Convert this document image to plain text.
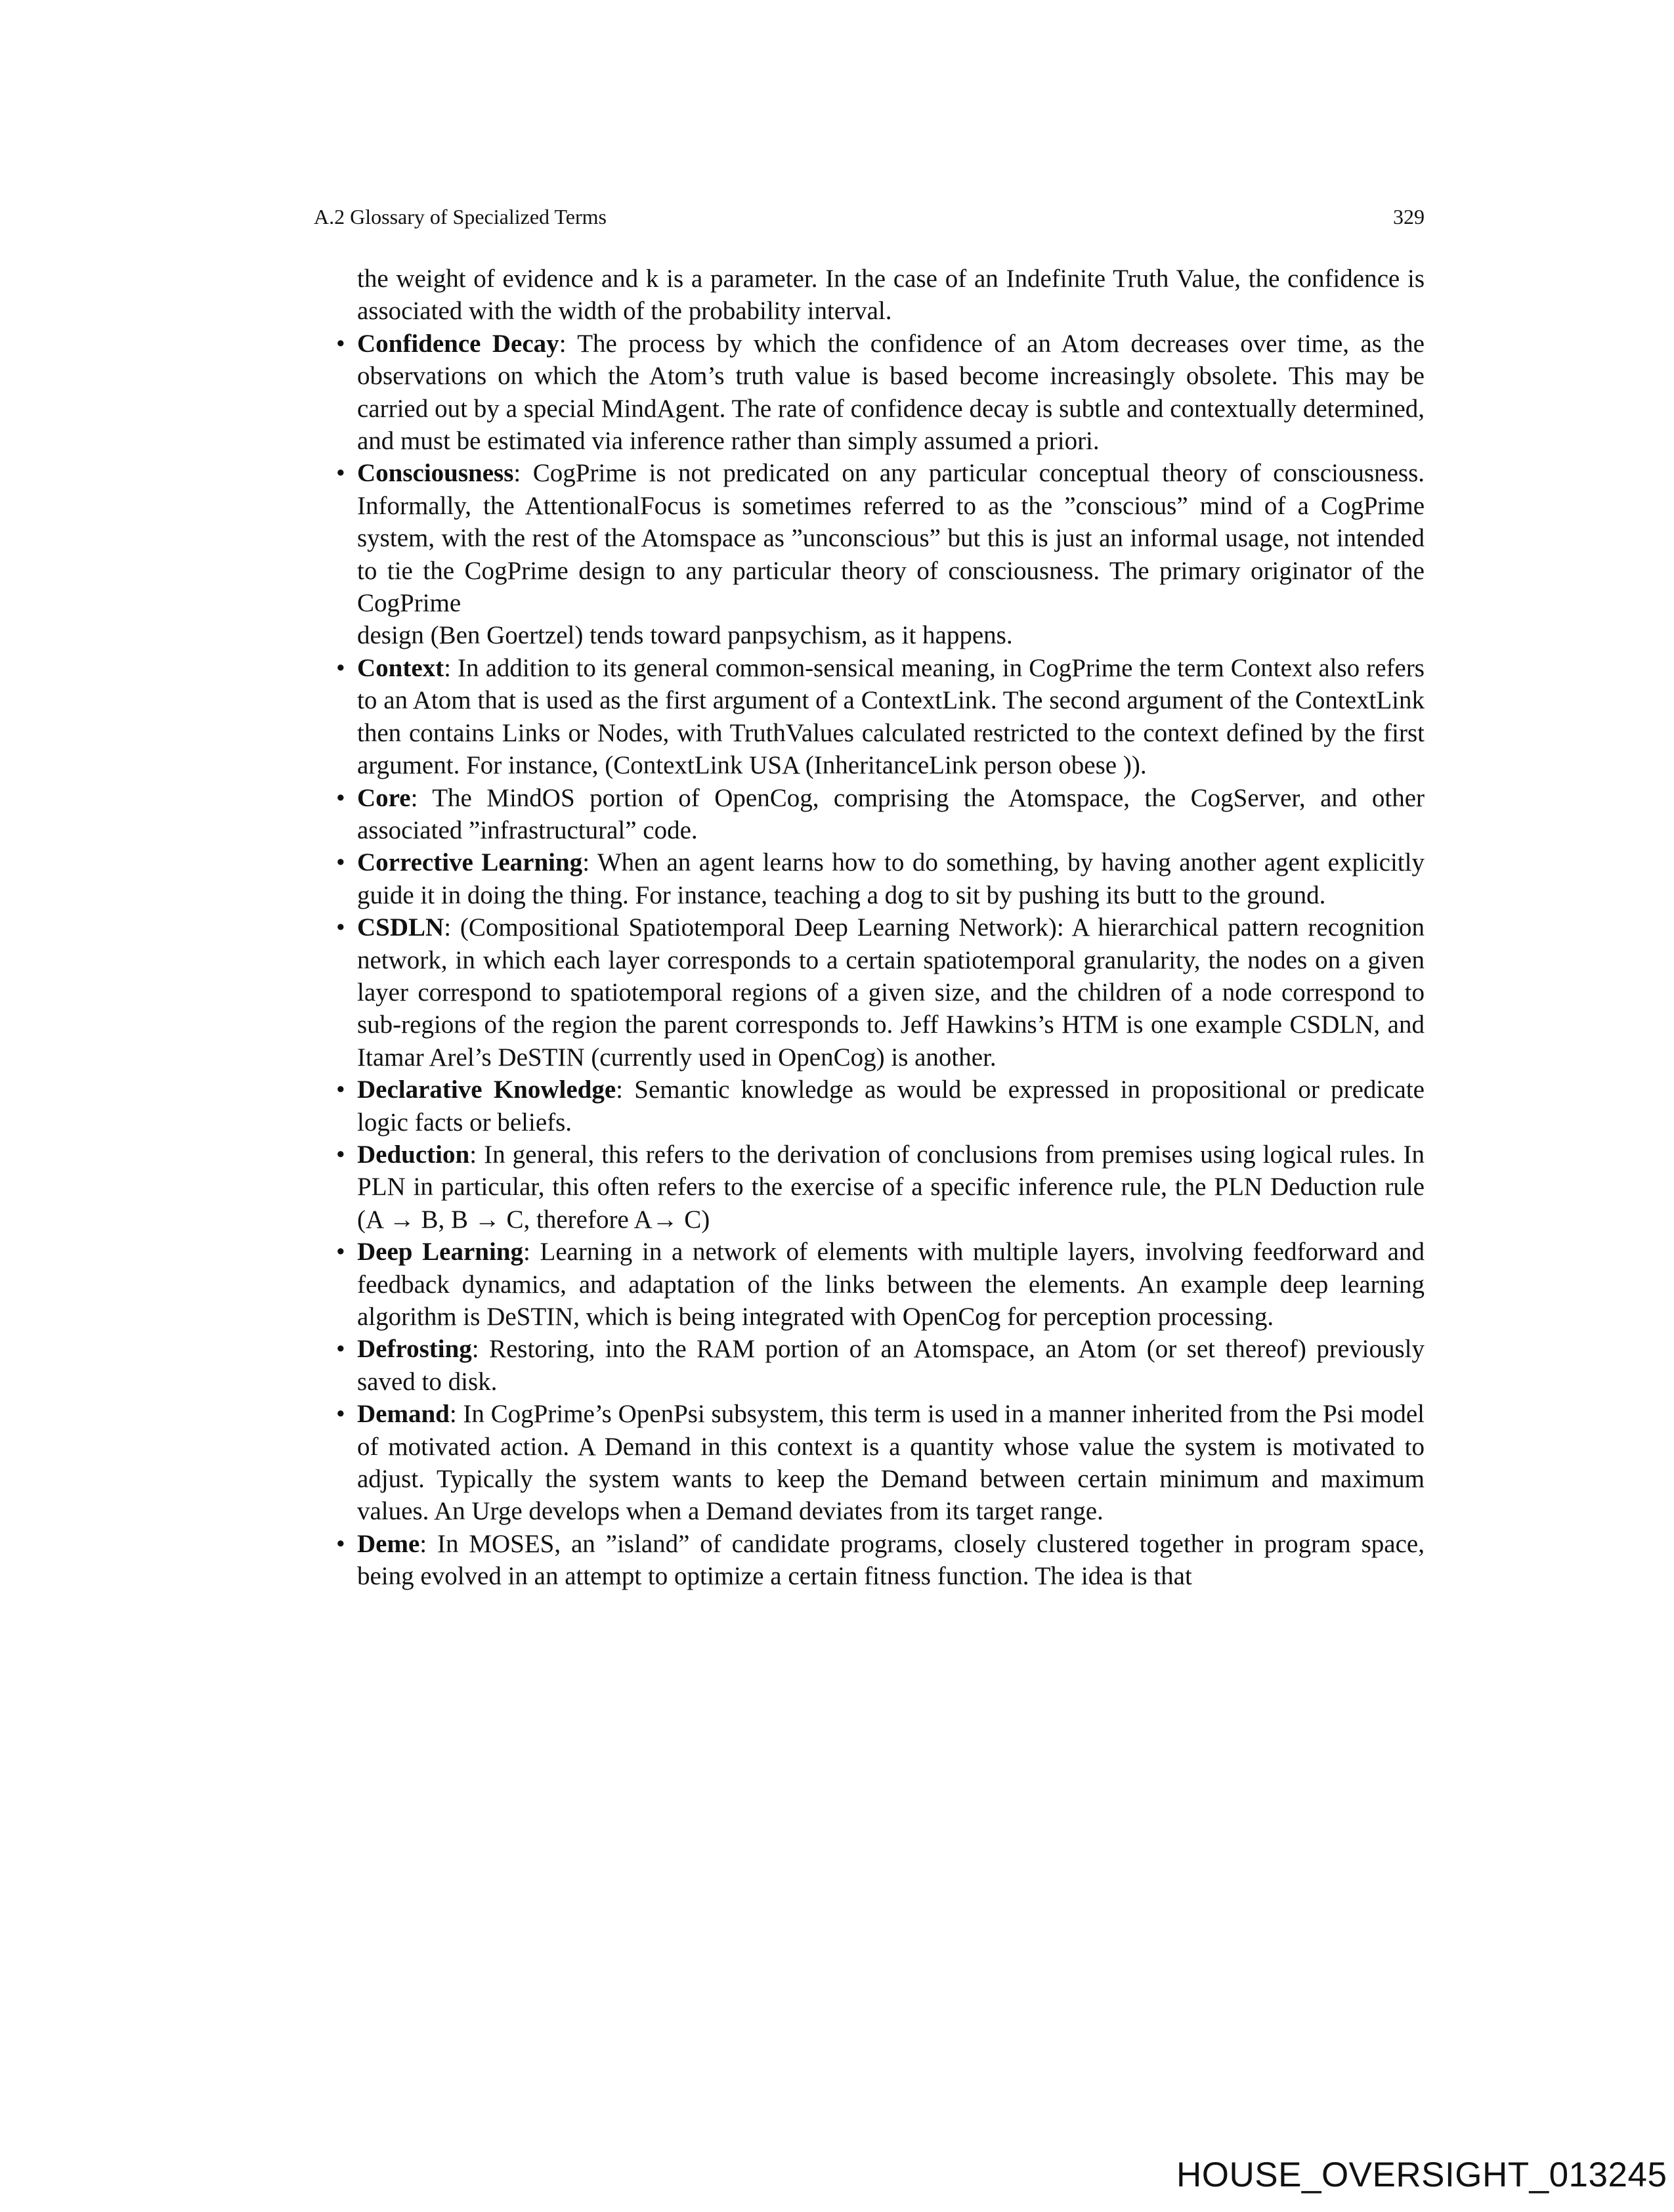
A.2 Glossary of Specialized Terms	329
the weight of evidence and k is a parameter. In the case of an Indefinite Truth Value, the confidence is associated with the width of the probability interval.
• Confidence Decay: The process by which the confidence of an Atom decreases over time, as the observations on which the Atom’s truth value is based become increasingly obsolete. This may be carried out by a special MindAgent. The rate of confidence decay is subtle and contextually determined, and must be estimated via inference rather than simply assumed a priori.
• Consciousness: CogPrime is not predicated on any particular conceptual theory of consciousness. Informally, the AttentionalFocus is sometimes referred to as the ”conscious” mind of a CogPrime system, with the rest of the Atomspace as ”unconscious” but this is just an informal usage, not intended to tie the CogPrime design to any particular theory of consciousness. The primary originator of the CogPrime
design (Ben Goertzel) tends toward panpsychism, as it happens.
• Context: In addition to its general common-sensical meaning, in CogPrime the term Context also refers to an Atom that is used as the first argument of a ContextLink. The second argument of the ContextLink then contains Links or Nodes, with TruthValues calculated restricted to the context defined by the first argument. For instance, (ContextLink USA (InheritanceLink person obese )).
• Core: The MindOS portion of OpenCog, comprising the Atomspace, the CogServer, and other associated ”infrastructural” code.
• Corrective Learning: When an agent learns how to do something, by having another agent explicitly guide it in doing the thing. For instance, teaching a dog to sit by pushing its butt to the ground.
• CSDLN: (Compositional Spatiotemporal Deep Learning Network): A hierarchical pattern recognition network, in which each layer corresponds to a certain spatiotemporal granularity, the nodes on a given layer correspond to spatiotemporal regions of a given size, and the children of a node correspond to sub-regions of the region the parent corresponds to. Jeff Hawkins’s HTM is one example CSDLN, and Itamar Arel’s DeSTIN (currently used in OpenCog) is another.
• Declarative Knowledge: Semantic knowledge as would be expressed in propositional or predicate logic facts or beliefs.
• Deduction: In general, this refers to the derivation of conclusions from premises using logical rules. In PLN in particular, this often refers to the exercise of a specific inference rule, the PLN Deduction rule (A → B, B → C, therefore A→ C)
• Deep Learning: Learning in a network of elements with multiple layers, involving feedforward and feedback dynamics, and adaptation of the links between the elements. An example deep learning algorithm is DeSTIN, which is being integrated with OpenCog for perception processing.
• Defrosting: Restoring, into the RAM portion of an Atomspace, an Atom (or set thereof) previously saved to disk.
• Demand: In CogPrime’s OpenPsi subsystem, this term is used in a manner inherited from the Psi model of motivated action. A Demand in this context is a quantity whose value the system is motivated to adjust. Typically the system wants to keep the Demand between certain minimum and maximum values. An Urge develops when a Demand deviates from its target range.
• Deme: In MOSES, an ”island” of candidate programs, closely clustered together in program space, being evolved in an attempt to optimize a certain fitness function. The idea is that
HOUSE_OVERSIGHT_013245
